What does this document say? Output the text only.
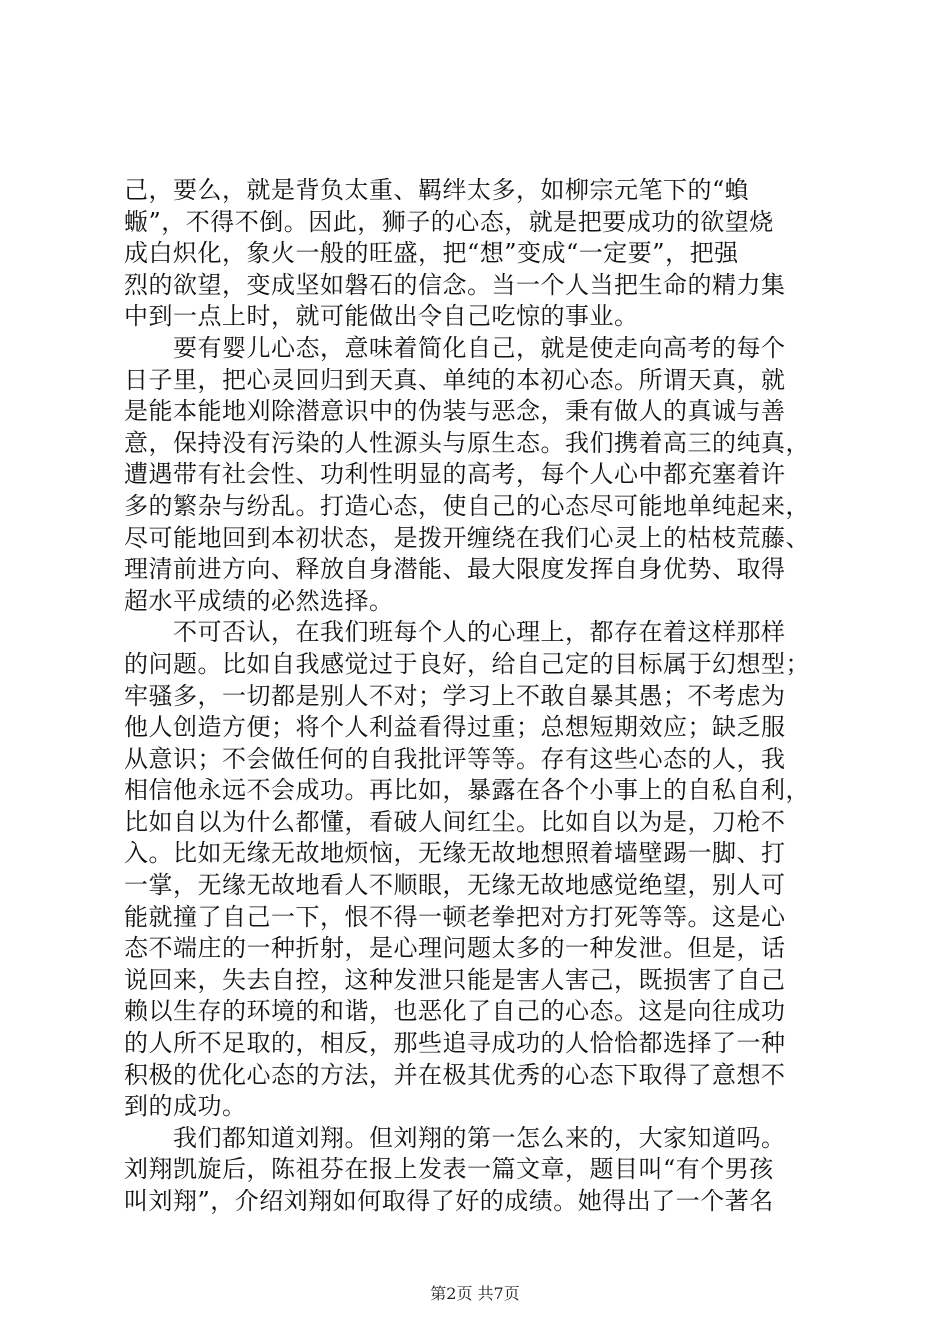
己，要么，就是背负太重、羁绊太多，如柳宗元笔下的“蝜
蝂”，不得不倒。因此，狮子的心态，就是把要成功的欲望烧
成白炽化，象火一般的旺盛，把“想”变成“一定要”，把强
烈的欲望，变成坚如磐石的信念。当一个人当把生命的精力集
中到一点上时，就可能做出令自己吃惊的事业。
　　要有婴儿心态，意味着简化自己，就是使走向高考的每个
日子里，把心灵回归到天真、单纯的本初心态。所谓天真，就
是能本能地刈除潜意识中的伪装与恶念，秉有做人的真诚与善
意，保持没有污染的人性源头与原生态。我们携着高三的纯真，
遭遇带有社会性、功利性明显的高考，每个人心中都充塞着许
多的繁杂与纷乱。打造心态，使自己的心态尽可能地单纯起来，
尽可能地回到本初状态，是拨开缠绕在我们心灵上的枯枝荒藤、
理清前进方向、释放自身潜能、最大限度发挥自身优势、取得
超水平成绩的必然选择。
　　不可否认，在我们班每个人的心理上，都存在着这样那样
的问题。比如自我感觉过于良好，给自己定的目标属于幻想型；
牢骚多，一切都是别人不对；学习上不敢自暴其愚；不考虑为
他人创造方便；将个人利益看得过重；总想短期效应；缺乏服
从意识；不会做任何的自我批评等等。存有这些心态的人，我
相信他永远不会成功。再比如，暴露在各个小事上的自私自利，
比如自以为什么都懂，看破人间红尘。比如自以为是，刀枪不
入。比如无缘无故地烦恼，无缘无故地想照着墙壁踢一脚、打
一掌，无缘无故地看人不顺眼，无缘无故地感觉绝望，别人可
能就撞了自己一下，恨不得一顿老拳把对方打死等等。这是心
态不端庄的一种折射，是心理问题太多的一种发泄。但是，话
说回来，失去自控，这种发泄只能是害人害己，既损害了自己
赖以生存的环境的和谐，也恶化了自己的心态。这是向往成功
的人所不足取的，相反，那些追寻成功的人恰恰都选择了一种
积极的优化心态的方法，并在极其优秀的心态下取得了意想不
到的成功。
　　我们都知道刘翔。但刘翔的第一怎么来的，大家知道吗。
刘翔凯旋后，陈祖芬在报上发表一篇文章，题目叫“有个男孩
叫刘翔”，介绍刘翔如何取得了好的成绩。她得出了一个著名
第2页 共7页
